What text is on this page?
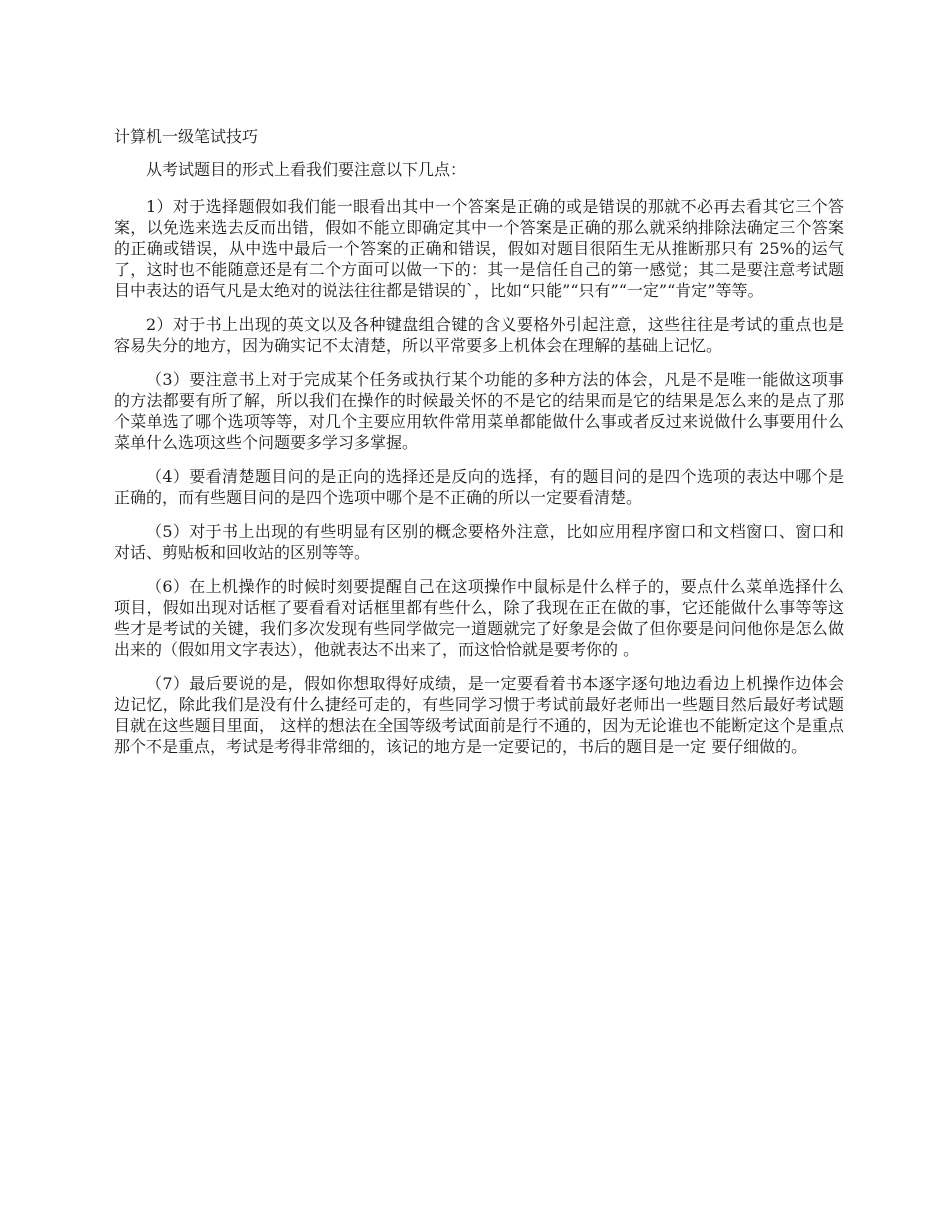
计算机一级笔试技巧

从考试题目的形式上看我们要注意以下几点：

1）对于选择题假如我们能一眼看出其中一个答案是正确的或是错误的那就不必再去看其它三个答案，以免选来选去反而出错，假如不能立即确定其中一个答案是正确的那么就采纳排除法确定三个答案的正确或错误，从中选中最后一个答案的正确和错误，假如对题目很陌生无从推断那只有 25%的运气了，这时也不能随意还是有二个方面可以做一下的：其一是信任自己的第一感觉；其二是要注意考试题目中表达的语气凡是太绝对的说法往往都是错误的`，比如“只能”“只有”“一定”“肯定”等等。

2）对于书上出现的英文以及各种键盘组合键的含义要格外引起注意，这些往往是考试的重点也是容易失分的地方，因为确实记不太清楚，所以平常要多上机体会在理解的基础上记忆。

（3）要注意书上对于完成某个任务或执行某个功能的多种方法的体会，凡是不是唯一能做这项事的方法都要有所了解，所以我们在操作的时候最关怀的不是它的结果而是它的结果是怎么来的是点了那个菜单选了哪个选项等等，对几个主要应用软件常用菜单都能做什么事或者反过来说做什么事要用什么菜单什么选项这些个问题要多学习多掌握。

（4）要看清楚题目问的是正向的选择还是反向的选择，有的题目问的是四个选项的表达中哪个是正确的，而有些题目问的是四个选项中哪个是不正确的所以一定要看清楚。

（5）对于书上出现的有些明显有区别的概念要格外注意，比如应用程序窗口和文档窗口、窗口和对话、剪贴板和回收站的区别等等。

（6）在上机操作的时候时刻要提醒自己在这项操作中鼠标是什么样子的，要点什么菜单选择什么项目，假如出现对话框了要看看对话框里都有些什么，除了我现在正在做的事，它还能做什么事等等这些才是考试的关键，我们多次发现有些同学做完一道题就完了好象是会做了但你要是问问他你是怎么做出来的（假如用文字表达），他就表达不出来了，而这恰恰就是要考你的 。

（7）最后要说的是，假如你想取得好成绩，是一定要看着书本逐字逐句地边看边上机操作边体会边记忆，除此我们是没有什么捷经可走的，有些同学习惯于考试前最好老师出一些题目然后最好考试题目就在这些题目里面， 这样的想法在全国等级考试面前是行不通的，因为无论谁也不能断定这个是重点那个不是重点，考试是考得非常细的，该记的地方是一定要记的，书后的题目是一定 要仔细做的。
